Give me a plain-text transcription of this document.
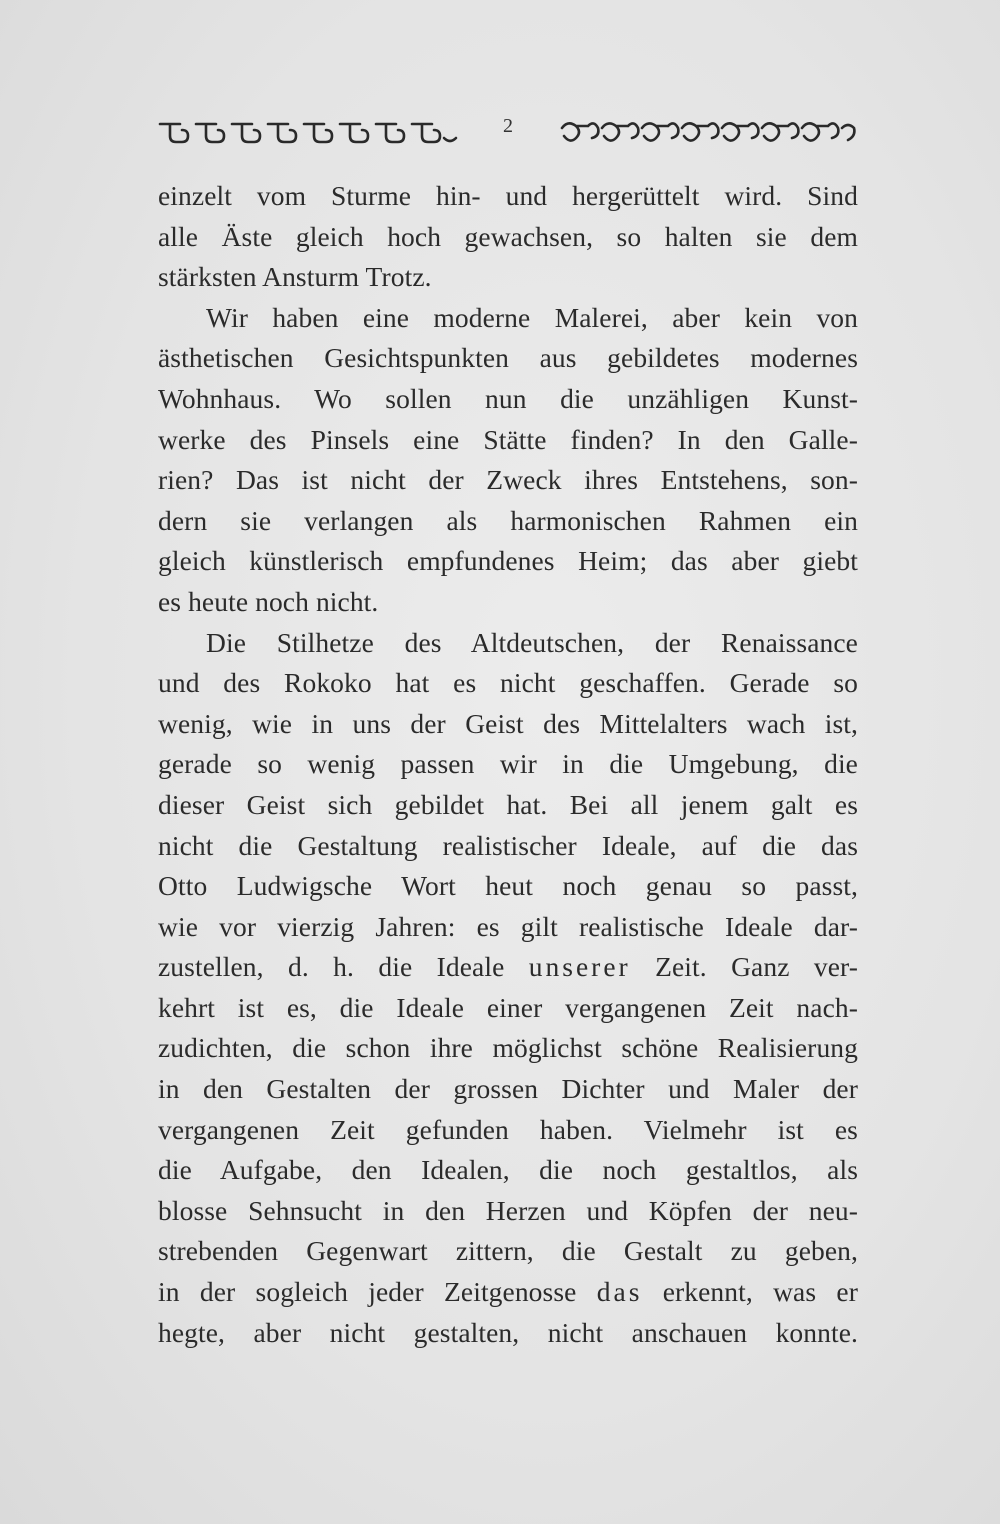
2
einzelt vom Sturme hin- und hergerüttelt wird. Sind
alle Äste gleich hoch gewachsen, so halten sie dem
stärksten Ansturm Trotz.
Wir haben eine moderne Malerei, aber kein von
ästhetischen Gesichtspunkten aus gebildetes modernes
Wohnhaus. Wo sollen nun die unzähligen Kunst-
werke des Pinsels eine Stätte finden? In den Galle-
rien? Das ist nicht der Zweck ihres Entstehens, son-
dern sie verlangen als harmonischen Rahmen ein
gleich künstlerisch empfundenes Heim; das aber giebt
es heute noch nicht.
Die Stilhetze des Altdeutschen, der Renaissance
und des Rokoko hat es nicht geschaffen. Gerade so
wenig, wie in uns der Geist des Mittelalters wach ist,
gerade so wenig passen wir in die Umgebung, die
dieser Geist sich gebildet hat. Bei all jenem galt es
nicht die Gestaltung realistischer Ideale, auf die das
Otto Ludwigsche Wort heut noch genau so passt,
wie vor vierzig Jahren: es gilt realistische Ideale dar-
zustellen, d. h. die Ideale unserer Zeit. Ganz ver-
kehrt ist es, die Ideale einer vergangenen Zeit nach-
zudichten, die schon ihre möglichst schöne Realisierung
in den Gestalten der grossen Dichter und Maler der
vergangenen Zeit gefunden haben. Vielmehr ist es
die Aufgabe, den Idealen, die noch gestaltlos, als
blosse Sehnsucht in den Herzen und Köpfen der neu-
strebenden Gegenwart zittern, die Gestalt zu geben,
in der sogleich jeder Zeitgenosse das erkennt, was er
hegte, aber nicht gestalten, nicht anschauen konnte.
